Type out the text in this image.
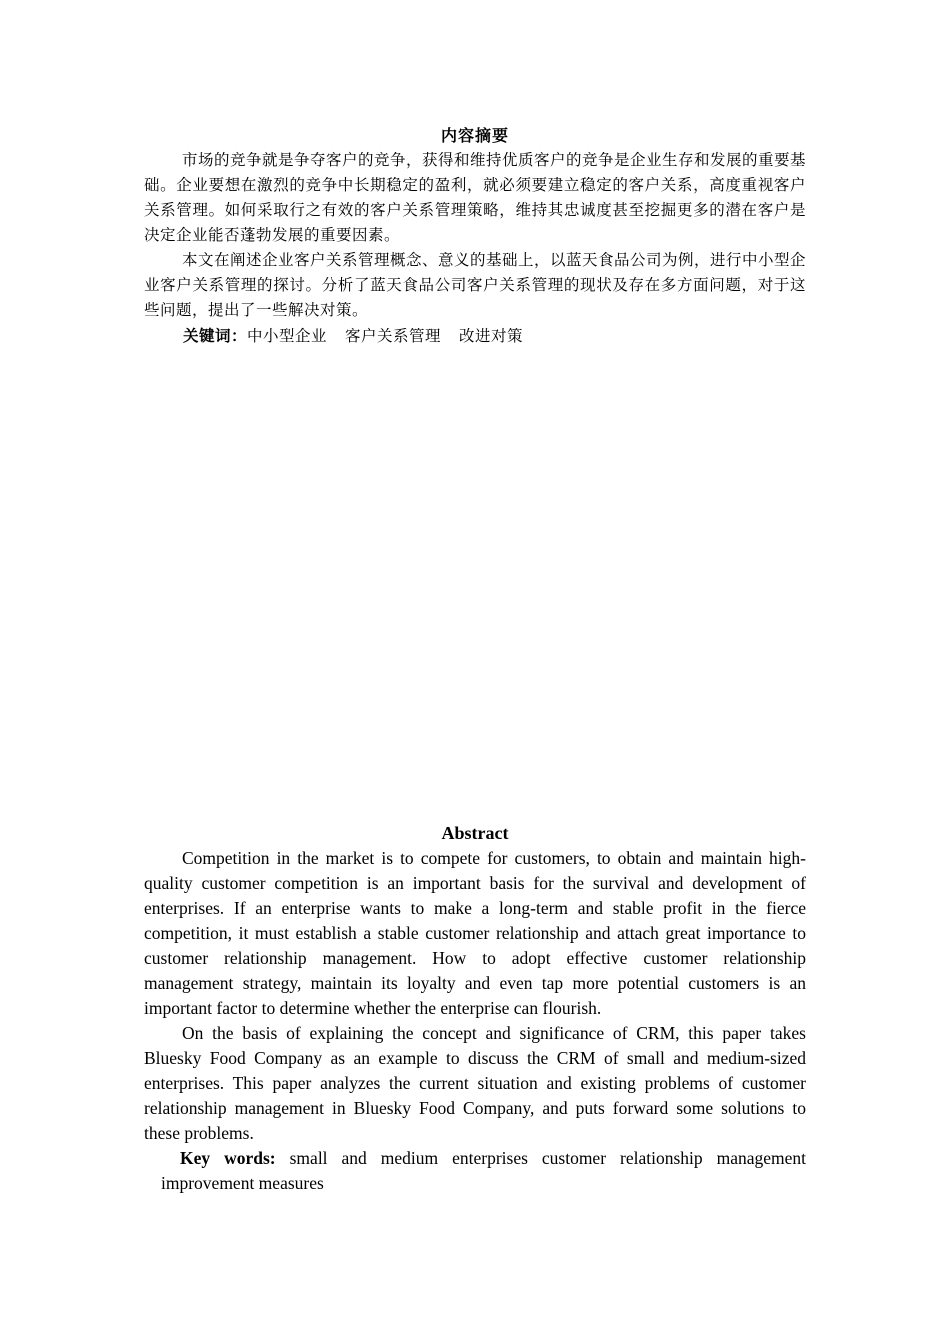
内容摘要

市场的竞争就是争夺客户的竞争，获得和维持优质客户的竞争是企业生存和发展的重要基础。企业要想在激烈的竞争中长期稳定的盈利，就必须要建立稳定的客户关系，高度重视客户关系管理。如何采取行之有效的客户关系管理策略，维持其忠诚度甚至挖掘更多的潜在客户是决定企业能否蓬勃发展的重要因素。

本文在阐述企业客户关系管理概念、意义的基础上，以蓝天食品公司为例，进行中小型企业客户关系管理的探讨。分析了蓝天食品公司客户关系管理的现状及存在多方面问题，对于这些问题，提出了一些解决对策。

关键词：中小型企业 客户关系管理 改进对策

Abstract

Competition in the market is to compete for customers, to obtain and maintain high-quality customer competition is an important basis for the survival and development of enterprises. If an enterprise wants to make a long-term and stable profit in the fierce competition, it must establish a stable customer relationship and attach great importance to customer relationship management. How to adopt effective customer relationship management strategy, maintain its loyalty and even tap more potential customers is an important factor to determine whether the enterprise can flourish.

On the basis of explaining the concept and significance of CRM, this paper takes Bluesky Food Company as an example to discuss the CRM of small and medium-sized enterprises. This paper analyzes the current situation and existing problems of customer relationship management in Bluesky Food Company, and puts forward some solutions to these problems.

Key words: small and medium enterprises customer relationship management improvement measures
